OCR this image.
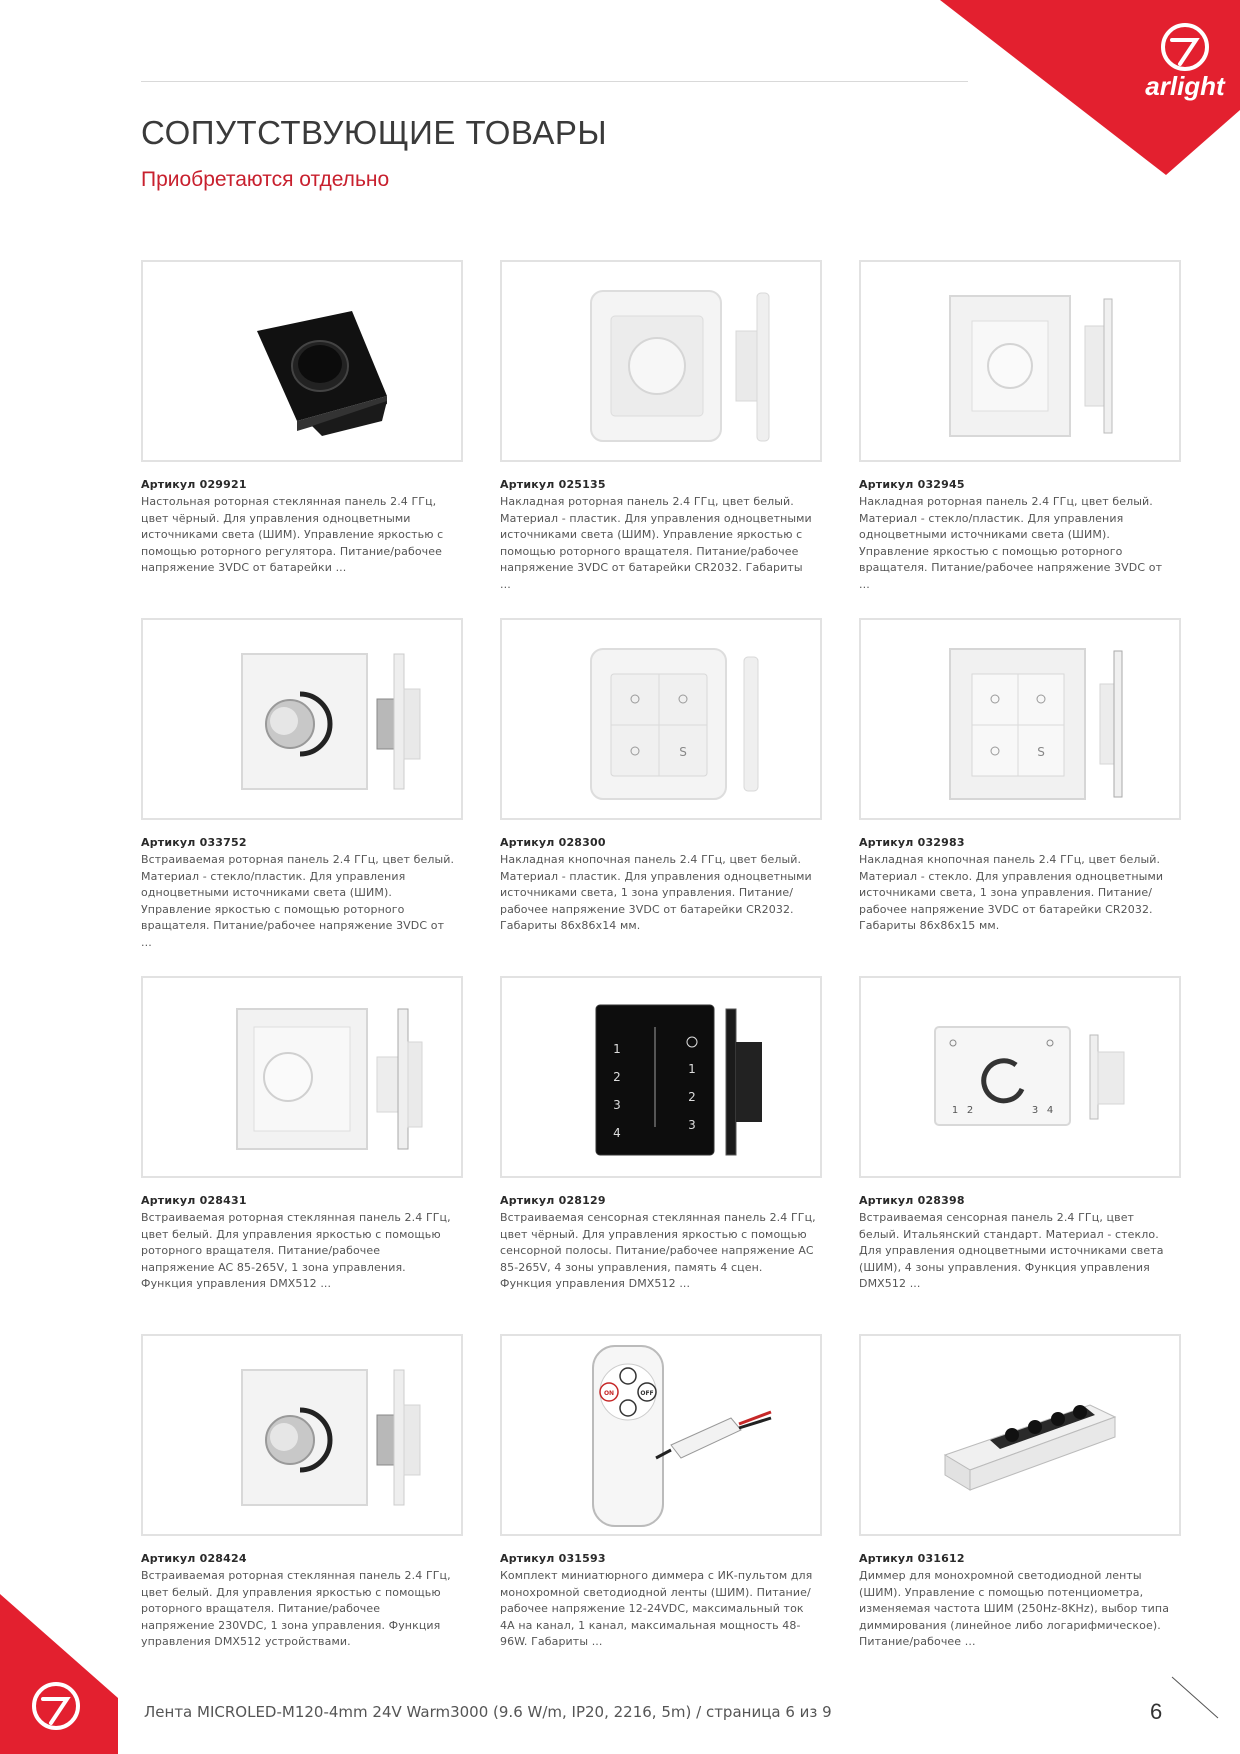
arlight
СОПУТСТВУЮЩИЕ ТОВАРЫ

Приобретаются отдельно

Артикул 029921
Настольная роторная стеклянная панель 2.4 ГГц, цвет чёрный. Для управления одноцветными источниками света (ШИМ). Управление яркостью с помощью роторного регулятора. Питание/рабочее напряжение 3VDC от батарейки ...
Артикул 025135
Накладная роторная панель 2.4 ГГц, цвет белый. Материал - пластик. Для управления одноцветными источниками света (ШИМ). Управление яркостью с помощью роторного вращателя. Питание/рабочее напряжение 3VDC от батарейки CR2032. Габариты ...
Артикул 032945
Накладная роторная панель 2.4 ГГц, цвет белый. Материал - стекло/пластик. Для управления одноцветными источниками света (ШИМ). Управление яркостью с помощью роторного вращателя. Питание/рабочее напряжение 3VDC от ...
Артикул 033752
Встраиваемая роторная панель 2.4 ГГц, цвет белый. Материал - стекло/пластик. Для управления одноцветными источниками света (ШИМ). Управление яркостью с помощью роторного вращателя. Питание/рабочее напряжение 3VDC от ...
S
Артикул 028300
Накладная кнопочная панель 2.4 ГГц, цвет белый. Материал - пластик. Для управления одноцветными источниками света, 1 зона управления. Питание/рабочее напряжение 3VDC от батарейки CR2032. Габариты 86x86x14 мм.
S
Артикул 032983
Накладная кнопочная панель 2.4 ГГц, цвет белый. Материал - стекло. Для управления одноцветными источниками света, 1 зона управления. Питание/рабочее напряжение 3VDC от батарейки CR2032. Габариты 86x86x15 мм.
Артикул 028431
Встраиваемая роторная стеклянная панель 2.4 ГГц, цвет белый. Для управления яркостью с помощью роторного вращателя. Питание/рабочее напряжение AC 85-265V, 1 зона управления. Функция управления DMX512 ...
1
2
3
4
1
2
3
Артикул 028129
Встраиваемая сенсорная стеклянная панель 2.4 ГГц, цвет чёрный. Для управления яркостью с помощью сенсорной полосы. Питание/рабочее напряжение AC 85-265V, 4 зоны управления, память 4 сцен. Функция управления DMX512 ...
1 2	3 4
Артикул 028398
Встраиваемая сенсорная панель 2.4 ГГц, цвет белый. Итальянский стандарт. Материал - стекло. Для управления одноцветными источниками света (ШИМ), 4 зоны управления. Функция управления DMX512 ...
Артикул 028424
Встраиваемая роторная стеклянная панель 2.4 ГГц, цвет белый. Для управления яркостью с помощью роторного вращателя. Питание/рабочее напряжение 230VDC, 1 зона управления. Функция управления DMX512 устройствами.
ON	OFF
Артикул 031593
Комплект миниатюрного диммера с ИК-пультом для монохромной светодиодной ленты (ШИМ). Питание/рабочее напряжение 12-24VDC, максимальный ток 4А на канал, 1 канал, максимальная мощность 48-96W. Габариты ...
Артикул 031612
Диммер для монохромной светодиодной ленты (ШИМ). Управление с помощью потенциометра, изменяемая частота ШИМ (250Hz-8KHz), выбор типа диммирования (линейное либо логарифмическое). Питание/рабочее ...
Лента MICROLED-M120-4mm 24V Warm3000 (9.6 W/m, IP20, 2216, 5m) / страница 6 из 9	6
